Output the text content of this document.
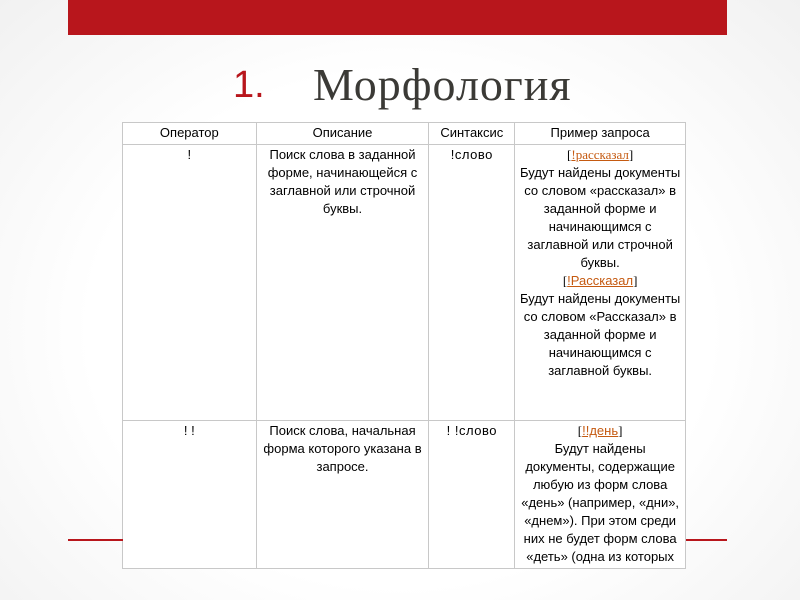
1. Морфология
Оператор	Описание	Синтаксис	Пример запроса
!	Поиск слова в заданной форме, начинающейся с заглавной или строчной буквы.	!слово	[!рассказал]
Будут найдены документы со словом «рассказал» в заданной форме и начинающимся с заглавной или строчной буквы.
[!Рассказал]
Будут найдены документы со словом «Рассказал» в заданной форме и начинающимся с заглавной буквы.

! !	Поиск слова, начальная форма которого указана в запросе.	! !слово	[!!день]
Будут найдены документы, содержащие любую из форм слова «день» (например, «дни», «днем»). При этом среди них не будет форм слова «деть» (одна из которых
